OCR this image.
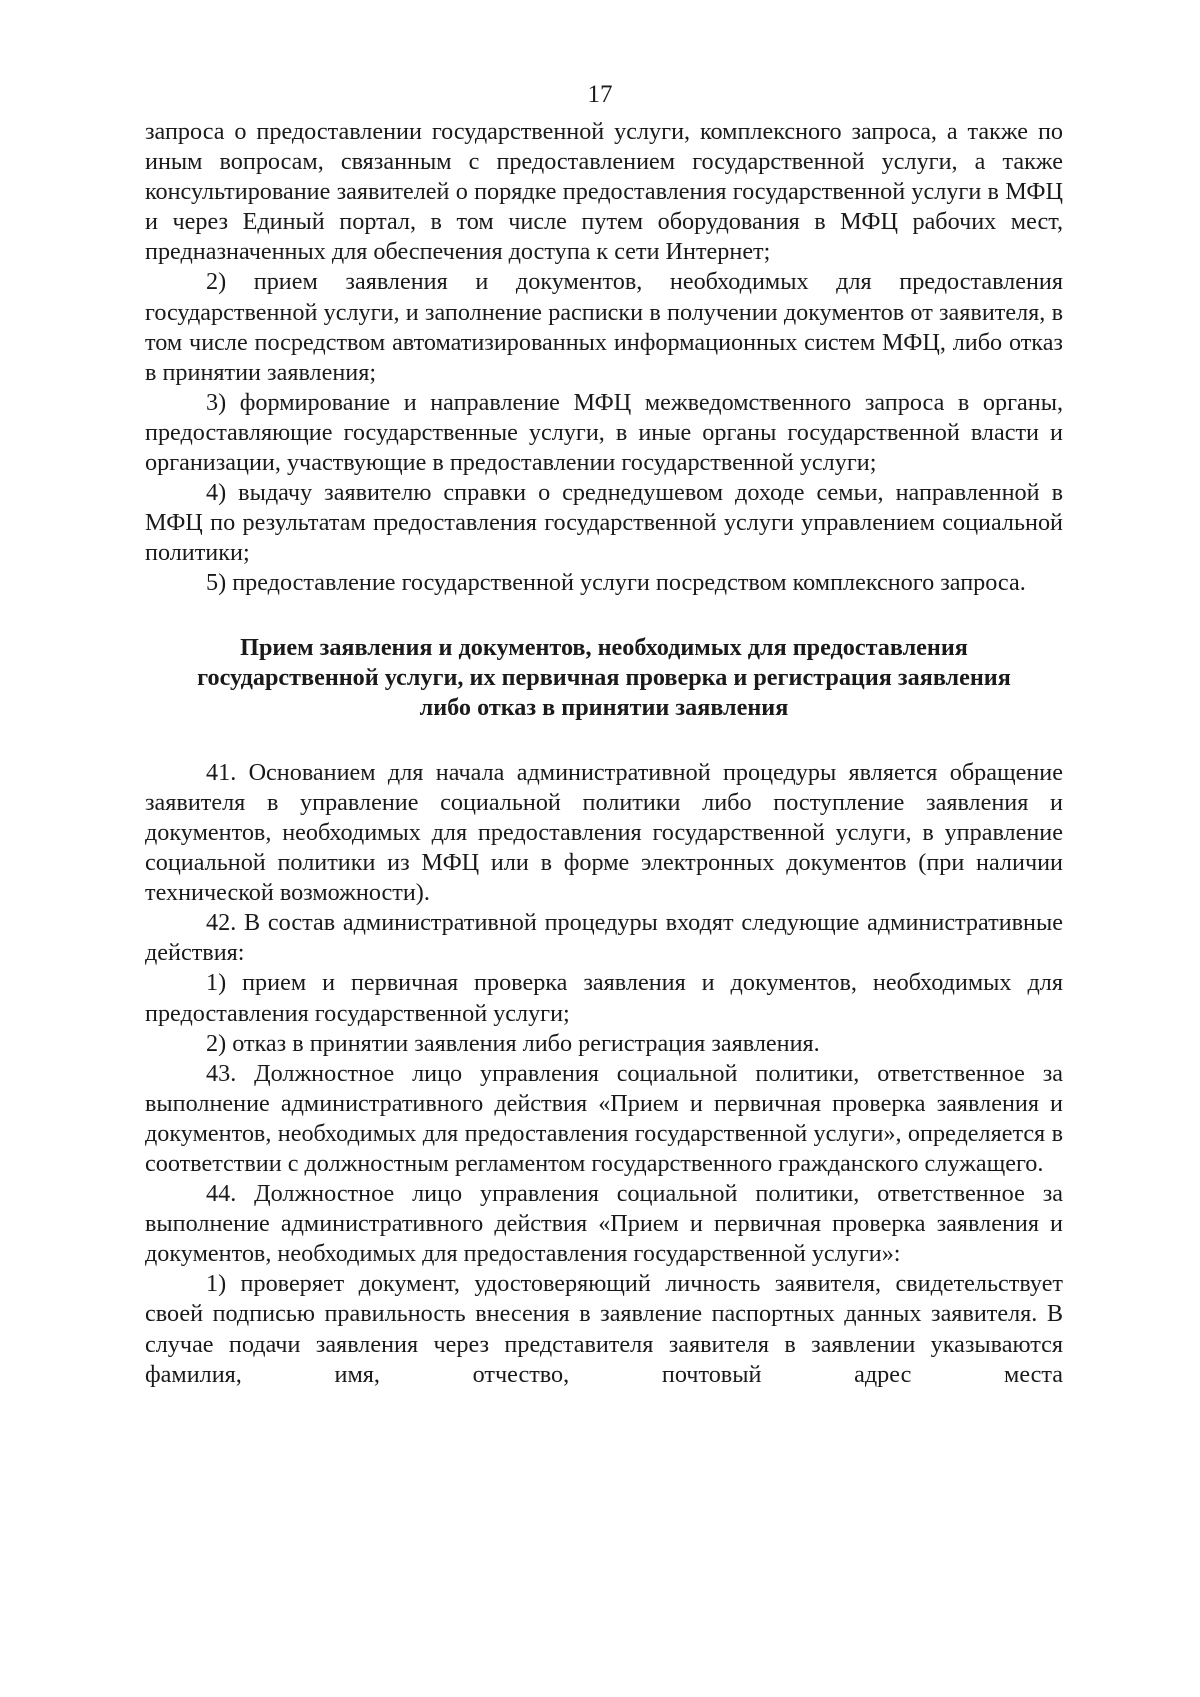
17

запроса о предоставлении государственной услуги, комплексного запроса, а также по иным вопросам, связанным с предоставлением государственной услуги, а также консультирование заявителей о порядке предоставления государственной услуги в МФЦ и через Единый портал, в том числе путем оборудования в МФЦ рабочих мест, предназначенных для обеспечения доступа к сети Интернет;

2) прием заявления и документов, необходимых для предоставления государственной услуги, и заполнение расписки в получении документов от заявителя, в том числе посредством автоматизированных информационных систем МФЦ, либо отказ в принятии заявления;

3) формирование и направление МФЦ межведомственного запроса в органы, предоставляющие государственные услуги, в иные органы государственной власти и организации, участвующие в предоставлении государственной услуги;

4) выдачу заявителю справки о среднедушевом доходе семьи, направленной в МФЦ по результатам предоставления государственной услуги управлением социальной политики;

5) предоставление государственной услуги посредством комплексного запроса.

Прием заявления и документов, необходимых для предоставления
государственной услуги, их первичная проверка и регистрация заявления
либо отказ в принятии заявления

41. Основанием для начала административной процедуры является обращение заявителя в управление социальной политики либо поступление заявления и документов, необходимых для предоставления государственной услуги, в управление социальной политики из МФЦ или в форме электронных документов (при наличии технической возможности).

42. В состав административной процедуры входят следующие административные действия:

1) прием и первичная проверка заявления и документов, необходимых для предоставления государственной услуги;

2) отказ в принятии заявления либо регистрация заявления.

43. Должностное лицо управления социальной политики, ответственное за выполнение административного действия «Прием и первичная проверка заявления и документов, необходимых для предоставления государственной услуги», определяется в соответствии с должностным регламентом государственного гражданского служащего.

44. Должностное лицо управления социальной политики, ответственное за выполнение административного действия «Прием и первичная проверка заявления и документов, необходимых для предоставления государственной услуги»:

1) проверяет документ, удостоверяющий личность заявителя, свидетельствует своей подписью правильность внесения в заявление паспортных данных заявителя. В случае подачи заявления через представителя заявителя в заявлении указываются фамилия, имя, отчество, почтовый адрес места
